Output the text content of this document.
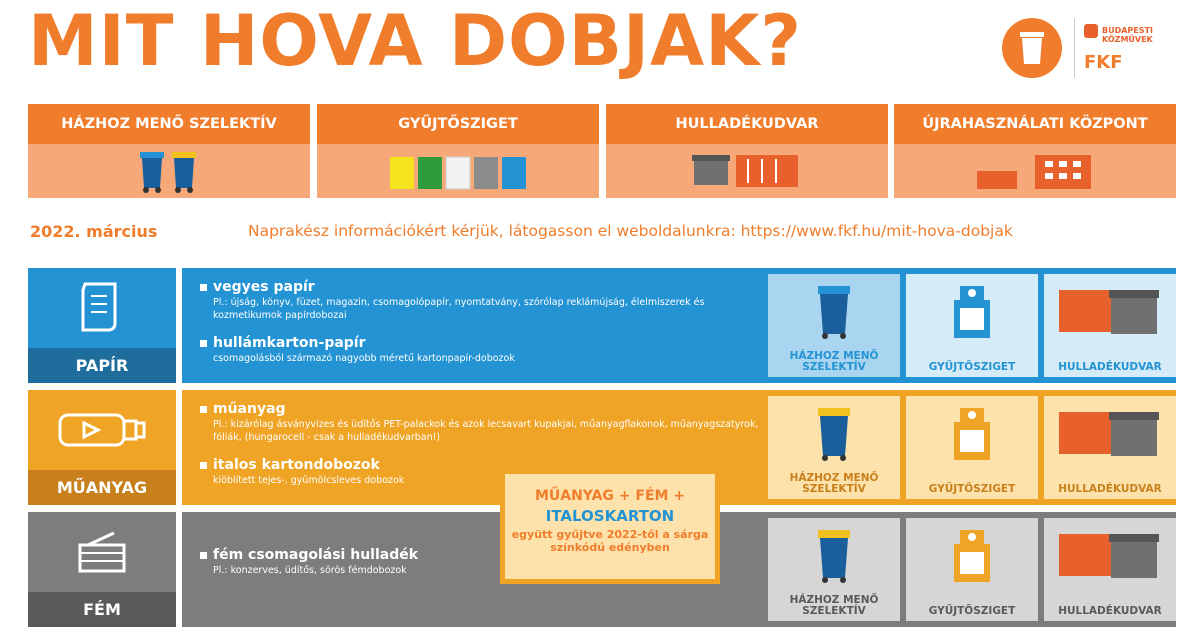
MIT HOVA DOBJAK?	BUDAPESTI KÖZMŰVEK
FKF
HÁZHOZ MENŐ SZELEKTÍV	GYŰJTŐSZIGET	HULLADÉKUDVAR	ÚJRAHASZNÁLATI KÖZPONT
2022. március	Naprakész információkért kérjük, látogasson el weboldalunkra: https://www.fkf.hu/mit-hova-dobjak
PAPÍR
vegyes papír
Pl.: újság, könyv, füzet, magazin, csomagolópapír, nyomtatvány, szórólap reklámújság, élelmiszerek és kozmetikumok papírdobozai
hullámkarton-papír
csomagolásból származó nagyobb méretű kartonpapír-dobozok	HÁZHOZ MENŐ SZELEKTÍV	GYŰJTŐSZIGET	HULLADÉKUDVAR
MŰANYAG
műanyag
Pl.: kizárólag ásványvizes és üdítős PET-palackok és azok lecsavart kupakjai, műanyagflakonok, műanyagszatyrok, fóliák, (hungarocell - csak a hulladékudvarban!)
italos kartondobozok
kiöblített tejes-, gyümölcsleves dobozok	HÁZHOZ MENŐ SZELEKTÍV	GYŰJTŐSZIGET	HULLADÉKUDVAR
FÉM
fém csomagolási hulladék
Pl.: konzerves, üdítős, sörös fémdobozok
HÁZHOZ MENŐ SZELEKTÍV	GYŰJTŐSZIGET	HULLADÉKUDVAR
MŰANYAG + FÉM +
ITALOSKARTON
együtt gyűjtve 2022-től a sárga színkódú edényben
